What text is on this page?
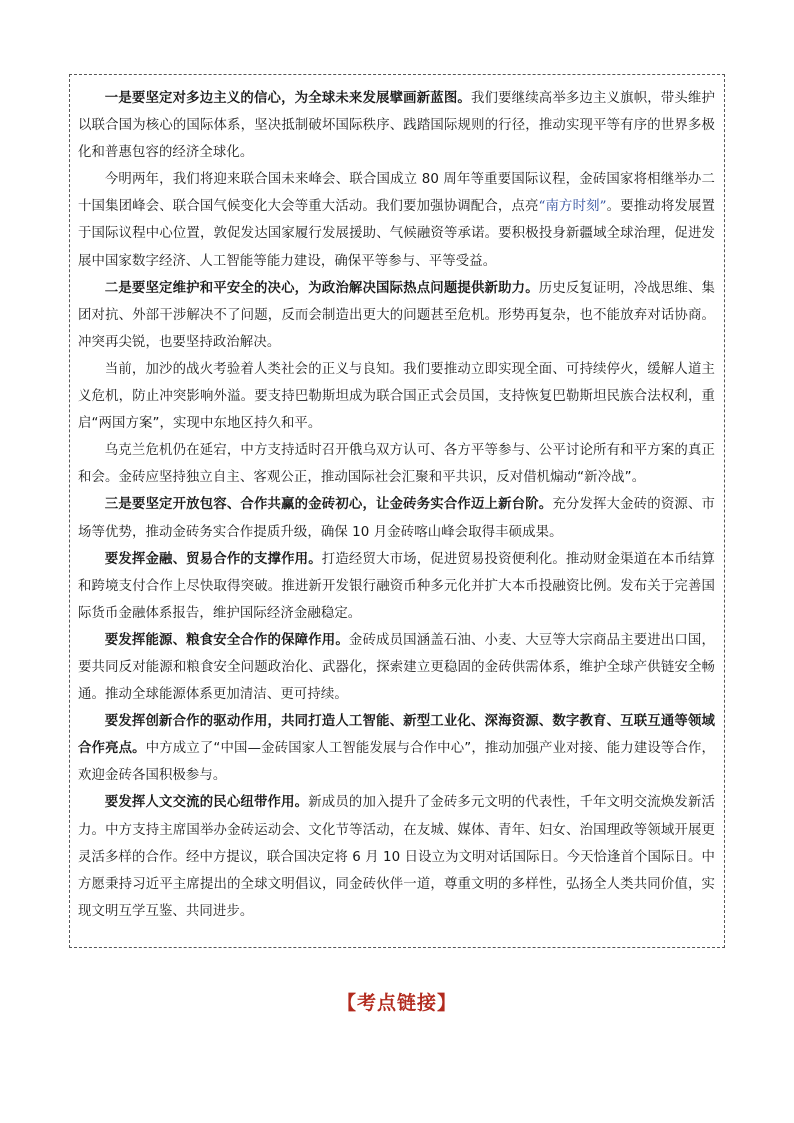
一是要坚定对多边主义的信心，为全球未来发展擘画新蓝图。我们要继续高举多边主义旗帜，带头维护以联合国为核心的国际体系，坚决抵制破坏国际秩序、践踏国际规则的行径，推动实现平等有序的世界多极化和普惠包容的经济全球化。

今明两年，我们将迎来联合国未来峰会、联合国成立 80 周年等重要国际议程，金砖国家将相继举办二十国集团峰会、联合国气候变化大会等重大活动。我们要加强协调配合，点亮“南方时刻”。要推动将发展置于国际议程中心位置，敦促发达国家履行发展援助、气候融资等承诺。要积极投身新疆域全球治理，促进发展中国家数字经济、人工智能等能力建设，确保平等参与、平等受益。

二是要坚定维护和平安全的决心，为政治解决国际热点问题提供新助力。历史反复证明，冷战思维、集团对抗、外部干涉解决不了问题，反而会制造出更大的问题甚至危机。形势再复杂，也不能放弃对话协商。冲突再尖锐，也要坚持政治解决。

当前，加沙的战火考验着人类社会的正义与良知。我们要推动立即实现全面、可持续停火，缓解人道主义危机，防止冲突影响外溢。要支持巴勒斯坦成为联合国正式会员国，支持恢复巴勒斯坦民族合法权利，重启“两国方案”，实现中东地区持久和平。

乌克兰危机仍在延宕，中方支持适时召开俄乌双方认可、各方平等参与、公平讨论所有和平方案的真正和会。金砖应坚持独立自主、客观公正，推动国际社会汇聚和平共识，反对借机煽动“新冷战”。

三是要坚定开放包容、合作共赢的金砖初心，让金砖务实合作迈上新台阶。充分发挥大金砖的资源、市场等优势，推动金砖务实合作提质升级，确保 10 月金砖喀山峰会取得丰硕成果。

要发挥金融、贸易合作的支撑作用。打造经贸大市场，促进贸易投资便利化。推动财金渠道在本币结算和跨境支付合作上尽快取得突破。推进新开发银行融资币种多元化并扩大本币投融资比例。发布关于完善国际货币金融体系报告，维护国际经济金融稳定。

要发挥能源、粮食安全合作的保障作用。金砖成员国涵盖石油、小麦、大豆等大宗商品主要进出口国，要共同反对能源和粮食安全问题政治化、武器化，探索建立更稳固的金砖供需体系，维护全球产供链安全畅通。推动全球能源体系更加清洁、更可持续。

要发挥创新合作的驱动作用，共同打造人工智能、新型工业化、深海资源、数字教育、互联互通等领域合作亮点。中方成立了“中国—金砖国家人工智能发展与合作中心”，推动加强产业对接、能力建设等合作，欢迎金砖各国积极参与。

要发挥人文交流的民心纽带作用。新成员的加入提升了金砖多元文明的代表性，千年文明交流焕发新活力。中方支持主席国举办金砖运动会、文化节等活动，在友城、媒体、青年、妇女、治国理政等领域开展更灵活多样的合作。经中方提议，联合国决定将 6 月 10 日设立为文明对话国际日。今天恰逢首个国际日。中方愿秉持习近平主席提出的全球文明倡议，同金砖伙伴一道，尊重文明的多样性，弘扬全人类共同价值，实现文明互学互鉴、共同进步。

【考点链接】
